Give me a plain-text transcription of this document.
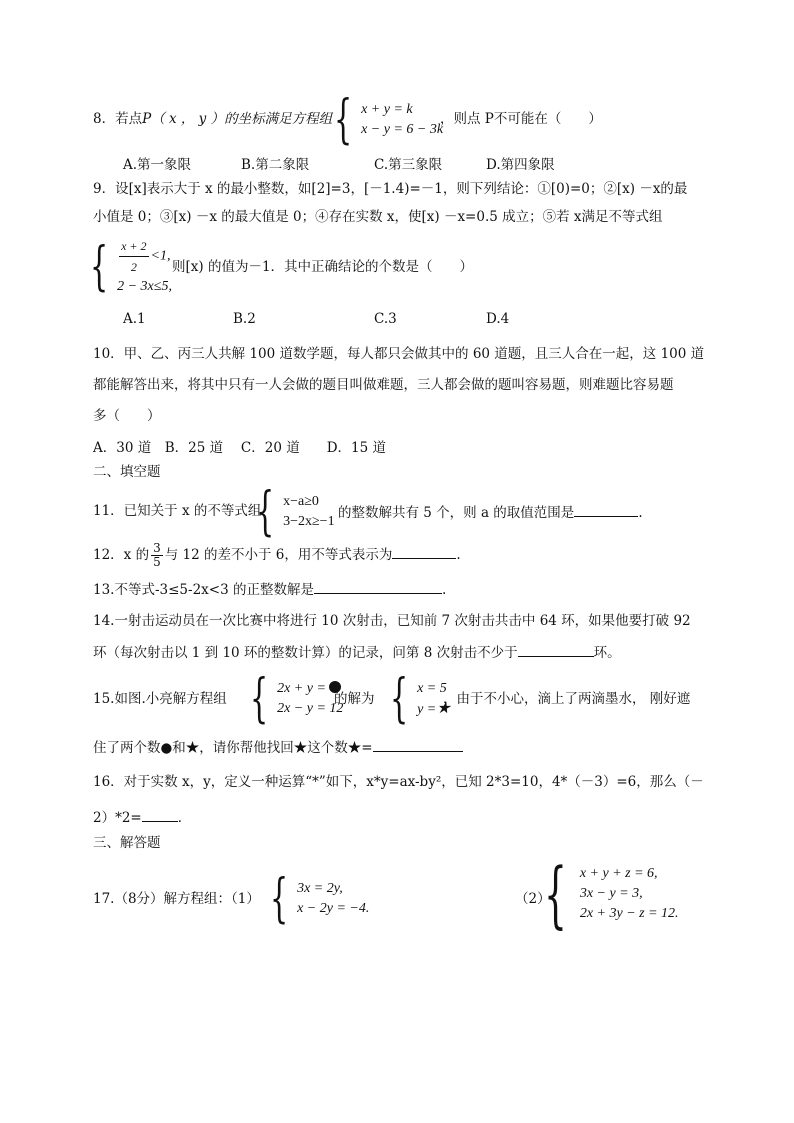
8．若点P（ x ， y ）的坐标满足方程组 { x + y = k
x − y = 6 − 3k
，则点 P不可能在（　　）
A.第一象限	B.第二象限	C.第三象限	D.第四象限
9．设[x]表示大于 x 的最小整数，如[2]=3，[－1.4)=－1，则下列结论：①[0)=0；②[x) －x的最
小值是 0；③[x) －x 的最大值是 0；④存在实数 x，使[x) －x=0.5 成立；⑤若 x满足不等式组
{ $\frac{x + 2}{2} <1$,
2 − 3x≤5,
则[x) 的值为－1．其中正确结论的个数是（　　）
A.1	B.2	C.3	D.4
10．甲、乙、丙三人共解 100 道数学题，每人都只会做其中的 60 道题，且三人合在一起，这 100 道
都能解答出来，将其中只有一人会做的题目叫做难题，三人都会做的题叫容易题，则难题比容易题
多（　　）
A．30 道　B．25 道　 C．20 道　　D．15 道
二、填空题
11．已知关于 x 的不等式组
{ x−a≥0
3−2x≥−1
的整数解共有 5 个，则 a 的取值范围是	.
12．x 的 $\frac{3}{5}$ 与 12 的差不小于 6，用不等式表示为	.
13.不等式-3≤5-2x<3 的正整数解是	.
14.一射击运动员在一次比赛中将进行 10 次射击，已知前 7 次射击共击中 64 环，如果他要打破 92
环（每次射击以 1 到 10 环的整数计算）的记录，问第 8 次射击不少于	环。
15.如图.小亮解方程组 { 2x + y =
2x − y = 12
的解为 { x = 5
y =★
，由于不小心，滴上了两滴墨水， 刚好遮
住了两个数●和★，请你帮他找回★这个数★=
16．对于实数 x，y，定义一种运算“*”如下，x*y=ax-by²，已知 2*3=10，4*（－3）=6，那么（－
2）*2=	．
三、解答题
17.（8分）解方程组：（1） { 3x = 2y,
x − 2y = −4.
（2）
{ x + y + z = 6,
3x − y = 3,
2x + 3y − z = 12.
